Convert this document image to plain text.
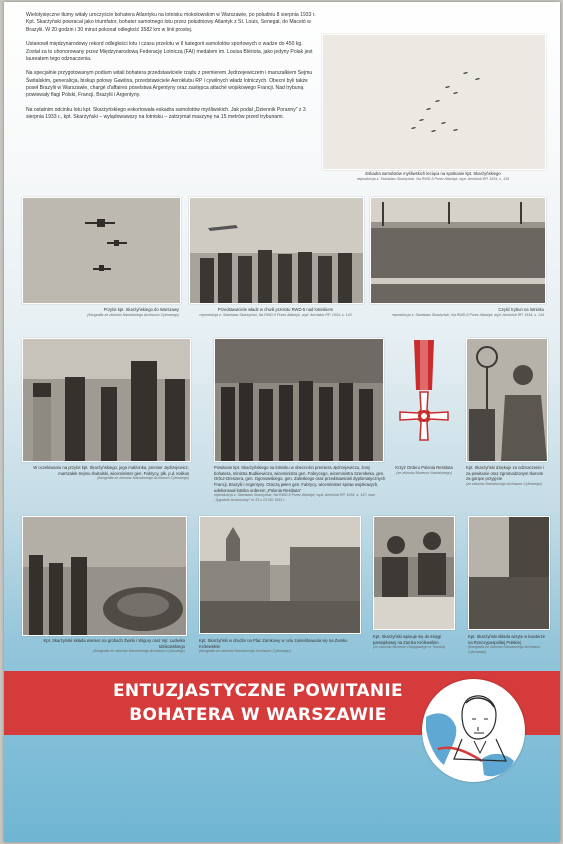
Wielotysięczne tłumy witały uroczyście bohatera Atlantyku na lotnisku mokotowskim w Warszawie, po południu 8 sierpnia 1933 r. Kpt. Skarżyński powracał jako triumfator, bohater samotnego lotu przez południowy Atlantyk z St. Louis, Senegal, do Maceió w Brazylii. W 20 godzin i 30 minut pokonał odległość 3582 km w linii prostej.

Ustanowił międzynarodowy rekord odległości lotu i czasu przelotu w II kategorii samolotów sportowych o wadze do 450 kg. Został za to uhonorowany przez Międzynarodową Federację Lotniczą (FAI) medalem im. Louisa Blériota, jako jedyny Polak jest laureatem tego odznaczenia.

Na specjalnie przygotowanym podium witali bohatera przedstawiciele rządu z premierem Jędrzejewiczem i marszałkiem Sejmu Świtalskim, generalicja, biskup polowy Gawlina, przedstawiciele Aeroklubu RP i cywilnych władz lotniczych. Obecni byli także poseł Brazylii w Warszawie, chargé d'affaires poselstwa Argentyny oraz zastępca attaché wojskowego Francji. Nad trybuną powiewały flagi Polski, Francji, Brazylii i Argentyny.

Na ostatnim odcinku lotu kpt. Skarżyńskiego eskortowała eskadra samolotów myśliwskich. Jak podał „Dziennik Poranny” z 3 sierpnia 1933 r., kpt. Skarżyński – wylądowawszy na lotnisku – zatrzymał maszynę na 15 metrów przed trybunami.

Eskadra samolotów myśliwskich leciąca na spotkanie kpt. Skarżyńskiego
reprodukcja z: Stanisław Skarżyński, Na RWD-5 Przez Atlantyk, wyd. Aeroklub RP, 1934, s. 135
Przylot kpt. Skarżyńskiego do Warszawy
(fotografia ze zbiorów Narodowego Archiwum Cyfrowego)
Przedstawiciele władz w chwili przelotu RWD-5 nad lotniskiem
reprodukcja z: Stanisław Skarżyński, Na RWD-5 Przez Atlantyk, wyd. Aeroklub RP, 1934, s. 143
Część trybun na lotnisku
reprodukcja z: Stanisław Skarżyński, Na RWD-5 Przez Atlantyk, wyd. Aeroklub RP, 1934, s. 144
W oczekiwaniu na przylot kpt. Skarżyńskiego, jego małżonka, premier Jędrzejewicz, marszałek Sejmu Świtalski, wiceminister gen. Fabrycy, płk. p.d. Kalkus
(fotografia ze zbiorów Narodowego Archiwum Cyfrowego)
Powitanie kpt. Skarżyńskiego na lotnisku w obecności premiera Jędrzejewicza, żony bohatera, ministra Budkiewicza, wiceministra gen. Fabrycego, wiceministra Szembeka, gen. Orlicz-Dreszera, gen. Ogonowskiego, gen. Zaleskiego oraz przedstawicieli dyplomatycznych Francji, Brazylii i Argentyny. Otoczą pełen gen. Fabrycy, wiceminister spraw wojskowych, udekorował lotnika orderem „Polonia Restituta”
reprodukcja z: Stanisław Skarżyński, Na RWD-5 Przez Atlantyk, wyd. Aeroklub RP, 1934, s. 147; oraz „Tygodnik Ilustrowany” nr 33 z 13 VIII 1933 r.
Krzyż Orderu Polonia Restituta
(ze zbiorów Muzeum Narodowego)
Kpt. Skarżyński dziękuje za odznaczenie i za powitanie oraz zgromadzonym tłumom za gorące przyjęcie
(ze zbiorów Narodowego Archiwum Cyfrowego)
Kpt. Skarżyński składa wieniec na grobach Żwirki i Wigury oraz mjr. Ludwika Idzikowskiego
(fotografia ze zbiorów Narodowego Archiwum Cyfrowego)
Kpt. Skarżyński w drodze na Plac Zamkowy w celu zameldowania się na Zamku Królewskim
(fotografia ze zbiorów Narodowego Archiwum Cyfrowego)
Kpt. Skarżyński wpisuje się do księgi pamiątkowej na Zamku Królewskim
(ze zbiorów Muzeum Okręgowego w Toruniu)
Kpt. Skarżyński składa wizytę w kwaterze na Rzeczypospolitej Polskiej
(fotografia ze zbiorów Narodowego Archiwum Cyfrowego)
ENTUZJASTYCZNE POWITANIE
BOHATERA W WARSZAWIE
